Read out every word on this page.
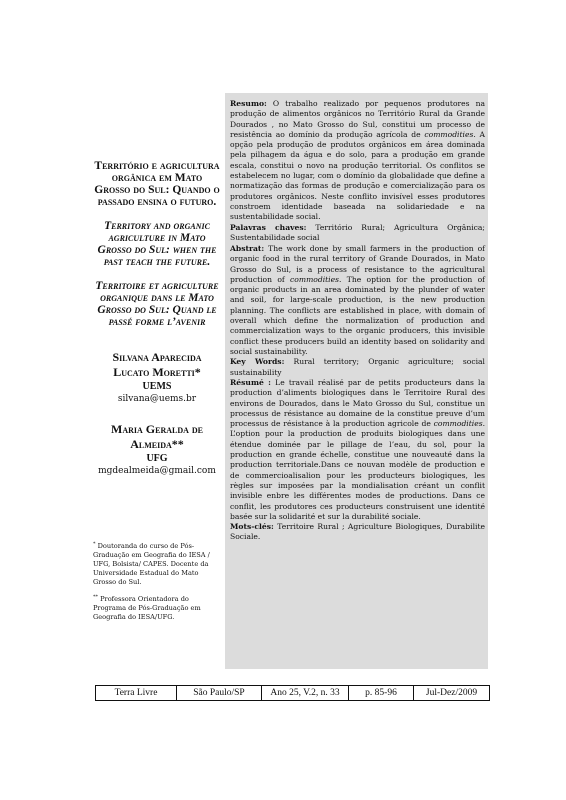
Território e agricultura orgânica em Mato Grosso do Sul: Quando o passado ensina o futuro.

Territory and organic agriculture in Mato Grosso do Sul: when the past teach the future.

Territoire et agriculture organique dans le Mato Grosso do Sul: Quand le passé forme l’avenir

Silvana Aparecida Lucato Moretti*

UEMS

silvana@uems.br

Maria Geralda de Almeida**

UFG

mgdealmeida@gmail.com

* Doutoranda do curso de Pós-Graduação em Geografia do IESA / UFG, Bolsista/ CAPES. Docente da Universidade Estadual do Mato Grosso do Sul.

** Professora Orientadora do Programa de Pós-Graduação em Geografia do IESA/UFG.

Resumo: O trabalho realizado por pequenos produtores na produção de alimentos orgânicos no Território Rural da Grande Dourados , no Mato Grosso do Sul, constitui um processo de resistência ao domínio da produção agrícola de commodities. A opção pela produção de produtos orgânicos em área dominada pela pilhagem da água e do solo, para a produção em grande escala, constitui o novo na produção territorial. Os conflitos se estabelecem no lugar, com o domínio da globalidade que define a normatização das formas de produção e comercialização para os produtores orgânicos. Neste conflito invisível esses produtores constroem identidade baseada na solidariedade e na sustentabilidade social.
Palavras chaves: Território Rural; Agricultura Orgânica; Sustentabilidade social

Abstrat: The work done by small farmers in the production of organic food in the rural territory of Grande Dourados, in Mato Grosso do Sul, is a process of resistance to the agricultural production of commodities. The option for the production of organic products in an area dominated by the plunder of water and soil, for large-scale production, is the new production planning. The conflicts are established in place, with domain of overall which define the normalization of production and commercialization ways to the organic producers, this invisible conflict these producers build an identity based on solidarity and social sustainability.
Key Words: Rural territory; Organic agriculture; social sustainability

Résumé : Le travail réalisé par de petits producteurs dans la production d’aliments biologiques dans le Territoire Rural des environs de Dourados, dans le Mato Grosso du Sul, constitue un processus de résistance au domaine de la constitue preuve d’um processus de résistance à la production agricole de commodities. L’option pour la production de produits biologiques dans une étendue dominée par le pillage de l’eau, du sol, pour la production en grande échelle, constitue une nouveauté dans la production territoriale.Dans ce nouvan modèle de production e de commercioalisalion pour les producteurs biologiques, les règles sur imposées par la mondialisation créant un conflit invisible enbre les différentes modes de productions. Dans ce conflit, les produtores ces producteurs construisent une identité basée sur la solidarité et sur la durabilité sociale.
Mots-clés: Territoire Rural ; Agriculture Biologiques, Durabilite Sociale.

Terra Livre	São Paulo/SP	Ano 25, V.2, n. 33	p. 85-96	Jul-Dez/2009
